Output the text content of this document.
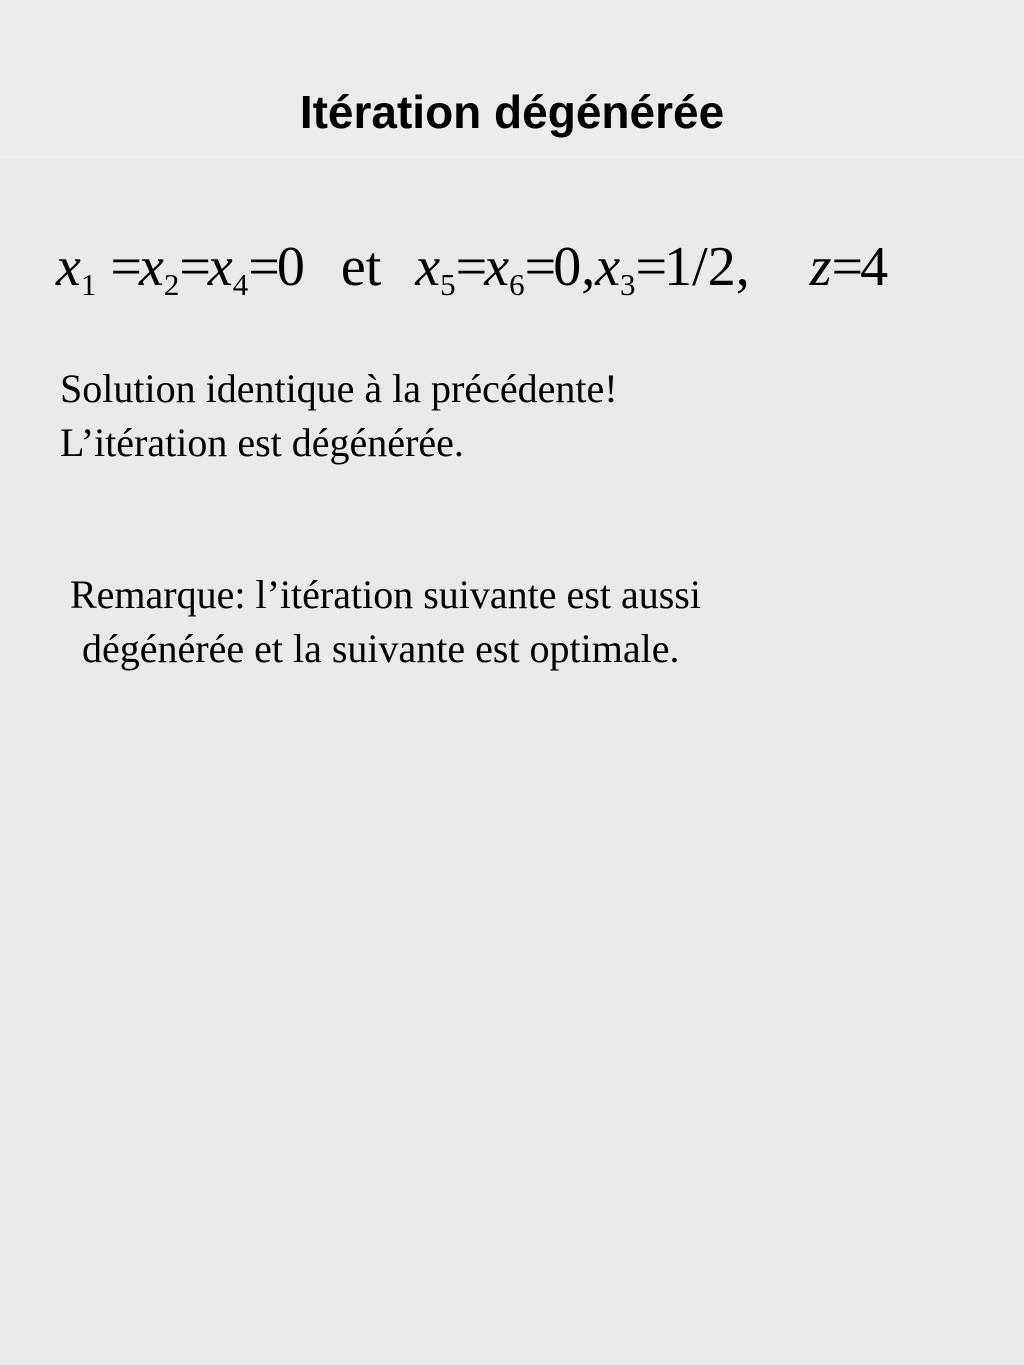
Itération dégénérée
$x_1 =x_2=x_4=0$ et $x_5=x_6=0,x_3=1/2$, z=4
Solution identique à la précédente!
L’itération est dégénérée.
Remarque: l’itération suivante est aussi
dégénérée et la suivante est optimale.
